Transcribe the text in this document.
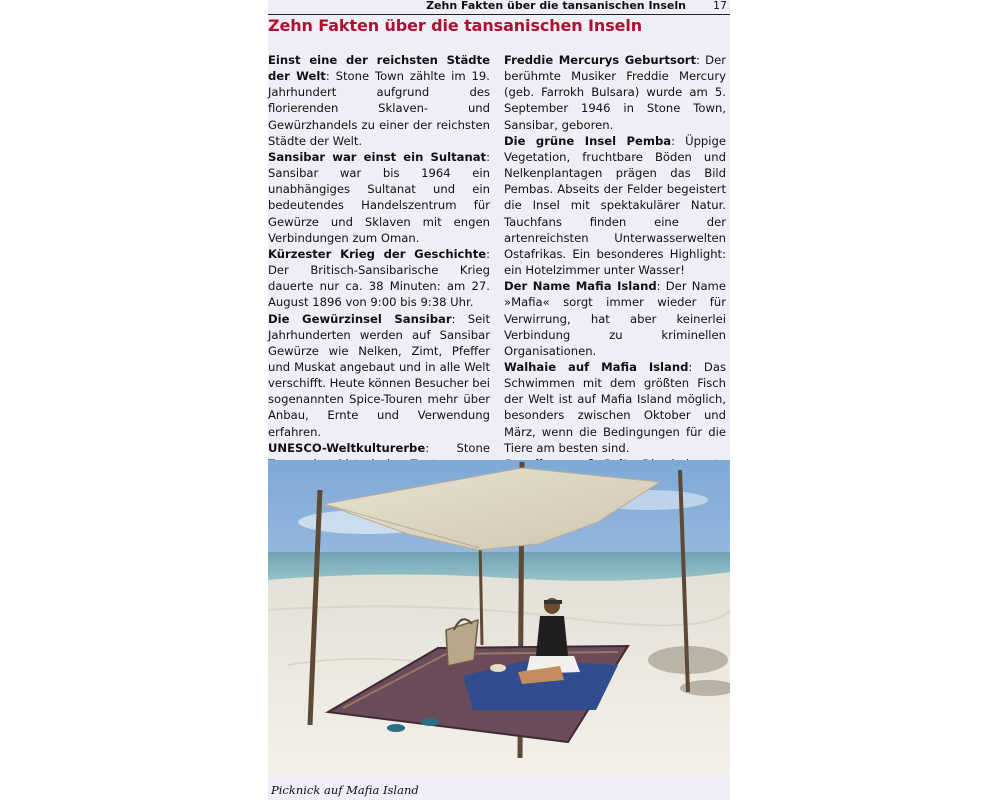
Zehn Fakten über die tansanischen Inseln 17
Zehn Fakten über die tansanischen Inseln

Einst eine der reichsten Städte der Welt: Stone Town zählte im 19. Jahrhundert aufgrund des florierenden Sklaven- und Gewürzhandels zu einer der reichsten Städte der Welt.

Sansibar war einst ein Sultanat: Sansibar war bis 1964 ein unabhängiges Sultanat und ein bedeutendes Handelszentrum für Gewürze und Sklaven mit engen Verbindungen zum Oman.

Kürzester Krieg der Geschichte: Der Britisch-Sansibarische Krieg dauerte nur ca. 38 Minuten: am 27. August 1896 von 9:00 bis 9:38 Uhr.

Die Gewürzinsel Sansibar: Seit Jahrhunderten werden auf Sansibar Gewürze wie Nelken, Zimt, Pfeffer und Muskat angebaut und in alle Welt verschifft. Heute können Besucher bei sogenannten Spice-Touren mehr über Anbau, Ernte und Verwendung erfahren.

UNESCO-Weltkulturerbe: Stone

Freddie Mercurys Geburtsort: Der berühmte Musiker Freddie Mercury (geb. Farrokh Bulsara) wurde am 5. September 1946 in Stone Town, Sansibar, geboren.

Die grüne Insel Pemba: Üppige Vegetation, fruchtbare Böden und Nelkenplantagen prägen das Bild Pembas. Abseits der Felder begeistert die Insel mit spektakulärer Natur. Tauchfans finden eine der artenreichsten Unterwasserwelten Ostafrikas. Ein besonderes Highlight: ein Hotelzimmer unter Wasser!

Der Name Mafia Island: Der Name »Mafia« sorgt immer wieder für Verwirrung, hat aber keinerlei Verbindung zu kriminellen Organisationen.

Walhaie auf Mafia Island: Das Schwimmen mit dem größten Fisch der Welt ist auf Mafia Island möglich, besonders zwischen Oktober und März, wenn die Bedingungen für die Tiere am besten sind.

Picknick auf Mafia Island
